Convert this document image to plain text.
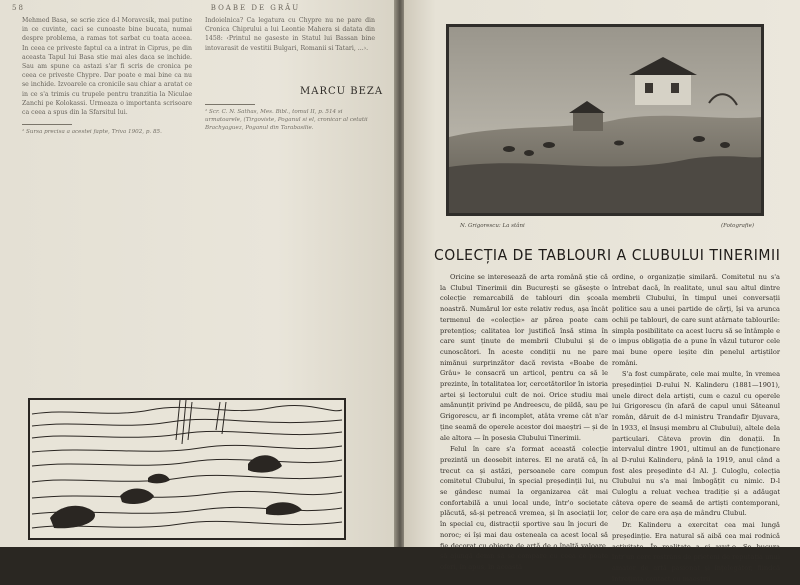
58	BOABE DE GRÂU
Mehmed Basa, se scrie zice d-l Moravcsik, mai putine in ce cuvinte, caci se cunoaste bine bucata, numai despre problema, a ramas tot sarbat cu toata aceea. In ceea ce priveste faptul ca a intrat in Ciprus, pe din aceasta Tapul lui Basa stie mai ales daca se inchide. Sau am spune ca astazi s'ar fi scris de cronica pe ceea ce priveste Chypre. Dar poate e mai bine ca nu se inchide. Izvoarele ca cronicile sau chiar a aratat ce in ce s'a trimis cu trupele pentru tranzitia la Niculae Zanchi pe Kolokassi. Urmeaza o importanta scrisoare ca ceea a spus din la Sfarsitul lui.
Indoielnica? Ca legatura cu Chypre nu ne pare din Cronica Chiprului a lui Leontie Mahera si datata din 1458: ‹Printul ne gaseste in Statul lui Bassan bine intovarasit de vestitii Bulgari, Romanii si Tatari, ...›.
MARCU BEZA
¹ Scr. C. N. Sathas, Mes. Bibl., tomul II, p. 514 si urmatoarele, (Tirgoviste, Poganul si el, cronicar al cetatii Brachyaguez, Poganul din Tarabasilie.
¹ Sursa precisa a acestei fapte, Triva 1902, p. 85.
N. Grigorescu: La stâni	(Fotografie)
COLECȚIA DE TABLOURI A CLUBULUI TINERIMII

Oricine se interesează de arta română știe că la Clubul Tinerimii din București se găsește o colecție remarcabilă de tablouri din școala noastră. Numărul lor este relativ redus, așa încât termenul de «colecție» ar părea poate cam pretențios; calitatea lor justifică însă stima în care sunt ținute de membrii Clubului și de cunoscători. În aceste condiții nu ne pare nimănui surprinzător dacă revista «Boabe de Grâu» le consacră un articol, pentru ca să le prezinte, în totalitatea lor, cercetătorilor în istoria artei și lectorului cult de noi. Orice studiu mai amănunțit privind pe Andreescu, de pildă, sau pe Grigorescu, ar fi incomplet, atâta vreme cât n'ar ține seamă de operele acestor doi maeștri — și de ale altora — în posesia Clubului Tinerimii.

Felul în care s'a format această colecție prezintă un deosebit interes. El ne arată că, în trecut ca și astăzi, persoanele care compun comitetul Clubului, în special președinții lui, nu se gândesc numai la organizarea cât mai confortabilă a unui local unde, într'o societate plăcută, să-și petreacă vremea, și în asociații lor, în special cu, distracții sportive sau în jocuri de noroc; ei își mai dau osteneala ca acest local să fie decorat cu obiecte de artă de o înaltă valoare, să ajungă demn să se compare cu ceea ce poate oferi, în apus, în această

ordine, o organizație similară. Comitetul nu s'a întrebat dacă, în realitate, unul sau altul dintre membrii Clubului, în timpul unei conversații politice sau a unei partide de cărți, își va arunca ochii pe tablouri, de care sunt atârnate tablourile: simpla posibilitate ca acest lucru să se întâmple e o impus obligația de a pune în văzul tuturor cele mai bune opere ieșite din penelul artiștilor români.

S'a fost cumpărate, cele mai multe, în vremea președinției D-rului N. Kalinderu (1881—1901), unele direct dela artiști, cum e cazul cu operele lui Grigorescu (în afară de capul unui Săteanul român, dăruit de d-l ministru Trandafir Djuvara, în 1933, el însuși membru al Clubului), altele dela particulari. Câteva provin din donații. În intervalul dintre 1901, ultimul an de funcționare al D-rului Kalinderu, până la 1919, anul când a fost ales președinte d-l Al. J. Culoglu, colecția Clubului nu s'a mai îmbogățit cu nimic. D-l Culoglu a reluat vechea tradiție și a adăugat câteva opere de seamă de artiști contemporani, celor de care era așa de mândru Clubul.

Dr. Kalinderu a exercitat cea mai lungă președinție. Era natural să aibă cea mai rodnică activitate. În realitate a și avut-o. Se bucura într'un cerc restrâns de prieteni de reputația unui amator de artă pasionat și înțelegător, fiindcă întrețința contact cu maeștrii
